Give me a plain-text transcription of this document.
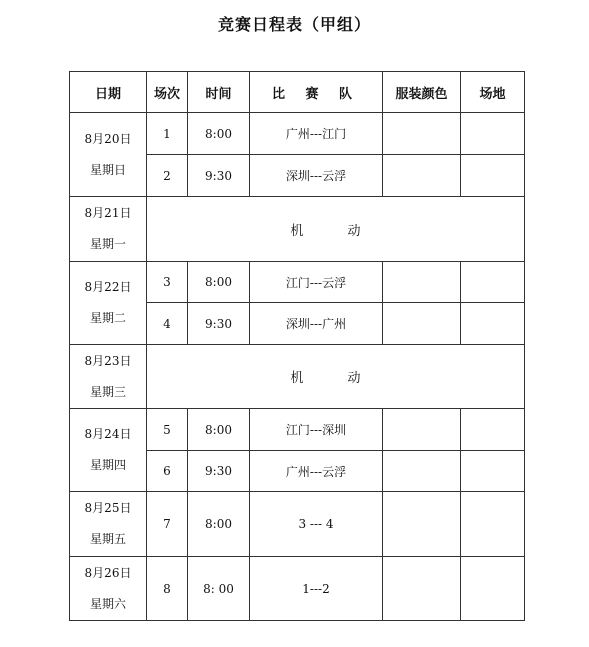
竞赛日程表（甲组）
日期	场次	时间	比 赛 队	服装颜色	场地

8月20日
星期日	1	8:00	广州---江门		
	2	9:30	深圳---云浮		

8月21日
星期一	机 动				

8月22日
星期二	3	8:00	江门---云浮		
	4	9:30	深圳---广州		

8月23日
星期三	机 动				

8月24日
星期四	5	8:00	江门---深圳		
	6	9:30	广州---云浮		

8月25日
星期五	7	8:00	3 --- 4		

8月26日
星期六	8	8: 00	1---2		
